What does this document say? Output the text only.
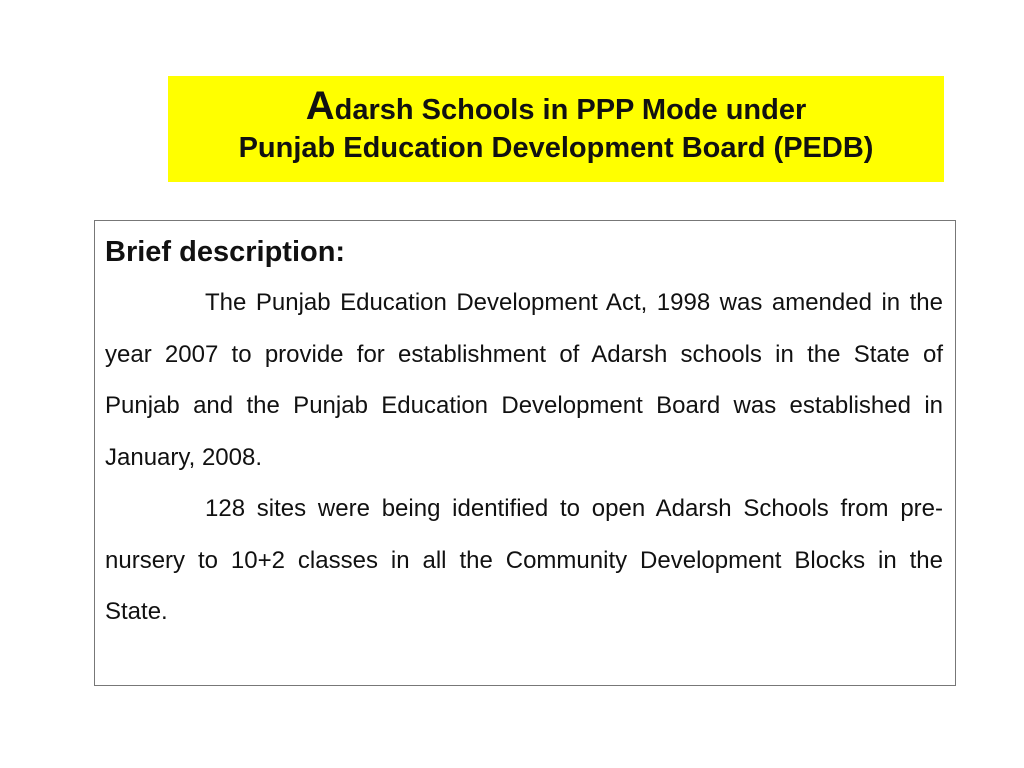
Adarsh Schools in PPP Mode under
Punjab Education Development Board (PEDB)
Brief description:

The Punjab Education Development Act, 1998 was amended in the year 2007 to provide for establishment of Adarsh schools in the State of Punjab and the Punjab Education Development Board was established in January, 2008.

128 sites were being identified to open Adarsh Schools from pre-nursery to 10+2 classes in all the Community Development Blocks in the State.
